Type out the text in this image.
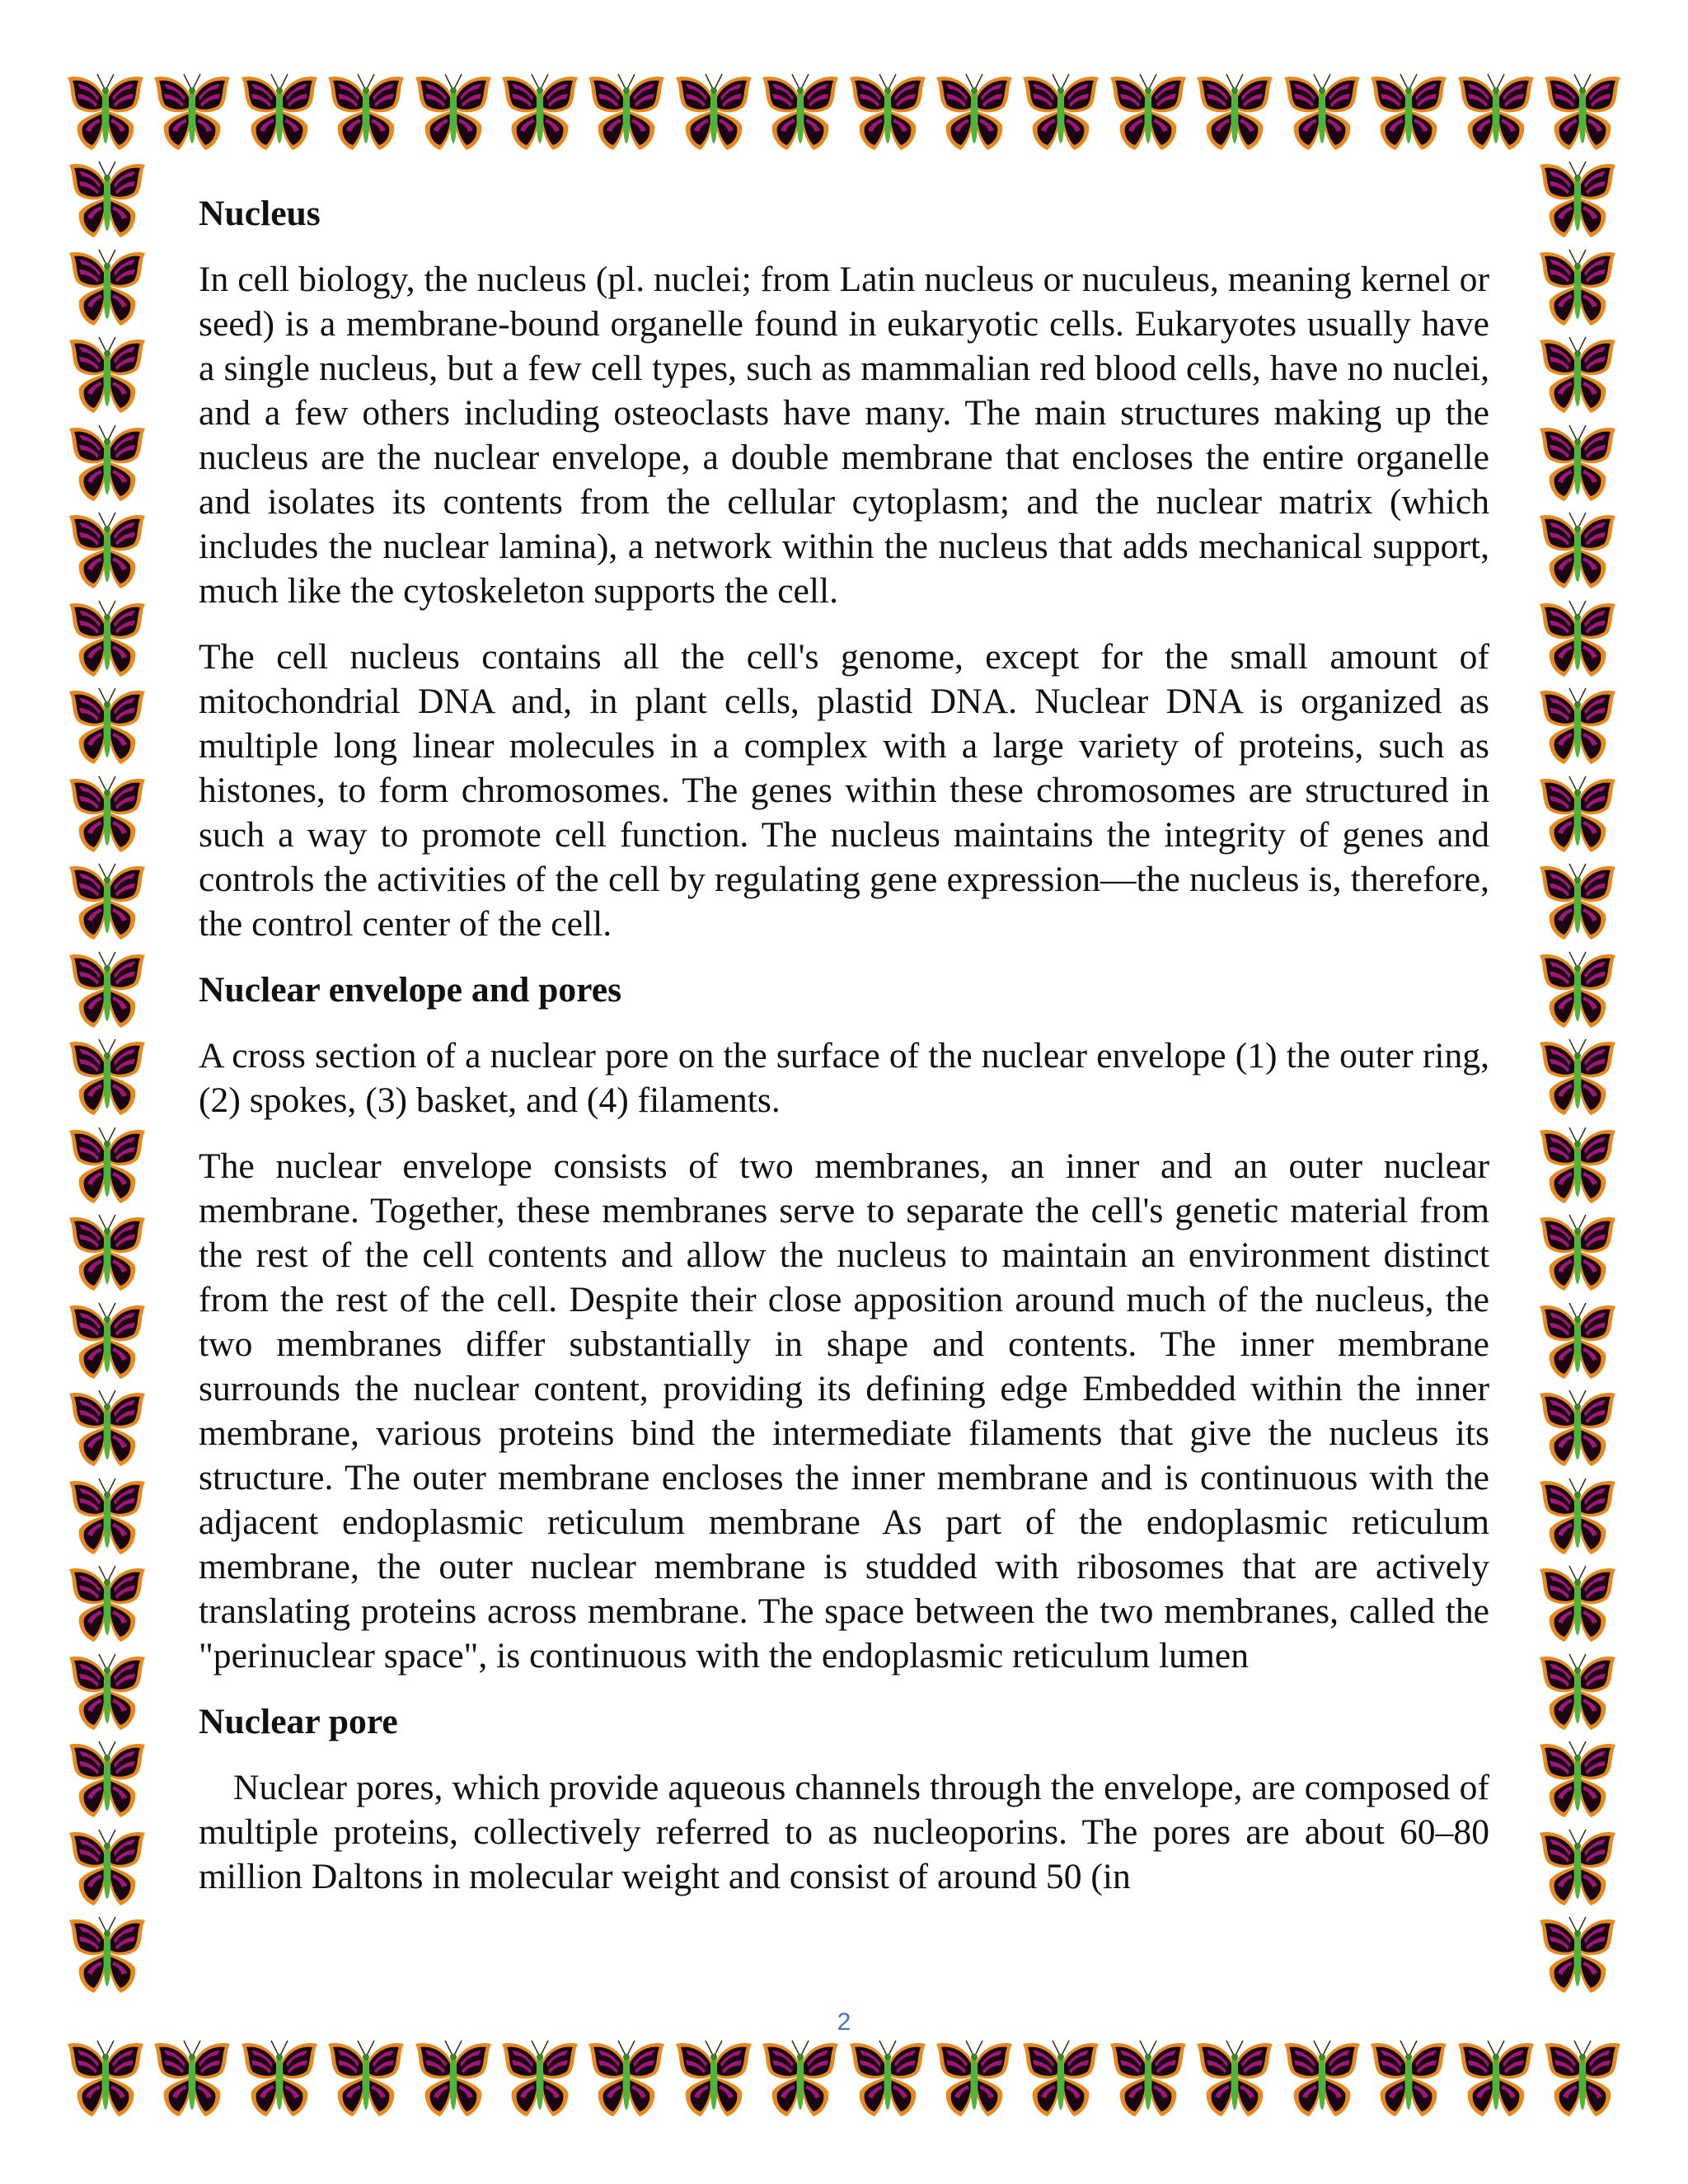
Nucleus

In cell biology, the nucleus (pl. nuclei; from Latin nucleus or nuculeus, meaning kernel or seed) is a membrane-bound organelle found in eukaryotic cells. Eukaryotes usually have a single nucleus, but a few cell types, such as mammalian red blood cells, have no nuclei, and a few others including osteoclasts have many. The main structures making up the nucleus are the nuclear envelope, a double membrane that encloses the entire organelle and isolates its contents from the cellular cytoplasm; and the nuclear matrix (which includes the nuclear lamina), a network within the nucleus that adds mechanical support, much like the cytoskeleton supports the cell.

The cell nucleus contains all the cell's genome, except for the small amount of mitochondrial DNA and, in plant cells, plastid DNA. Nuclear DNA is organized as multiple long linear molecules in a complex with a large variety of proteins, such as histones, to form chromosomes. The genes within these chromosomes are structured in such a way to promote cell function. The nucleus maintains the integrity of genes and controls the activities of the cell by regulating gene expression—the nucleus is, therefore, the control center of the cell.

Nuclear envelope and pores

A cross section of a nuclear pore on the surface of the nuclear envelope (1) the outer ring, (2) spokes, (3) basket, and (4) filaments.

The nuclear envelope consists of two membranes, an inner and an outer nuclear membrane. Together, these membranes serve to separate the cell's genetic material from the rest of the cell contents and allow the nucleus to maintain an environment distinct from the rest of the cell. Despite their close apposition around much of the nucleus, the two membranes differ substantially in shape and contents. The inner membrane surrounds the nuclear content, providing its defining edge Embedded within the inner membrane, various proteins bind the intermediate filaments that give the nucleus its structure. The outer membrane encloses the inner membrane and is continuous with the adjacent endoplasmic reticulum membrane As part of the endoplasmic reticulum membrane, the outer nuclear membrane is studded with ribosomes that are actively translating proteins across membrane. The space between the two membranes, called the "perinuclear space", is continuous with the endoplasmic reticulum lumen

Nuclear pore

Nuclear pores, which provide aqueous channels through the envelope, are composed of multiple proteins, collectively referred to as nucleoporins. The pores are about 60–80 million Daltons in molecular weight and consist of around 50 (in

2
